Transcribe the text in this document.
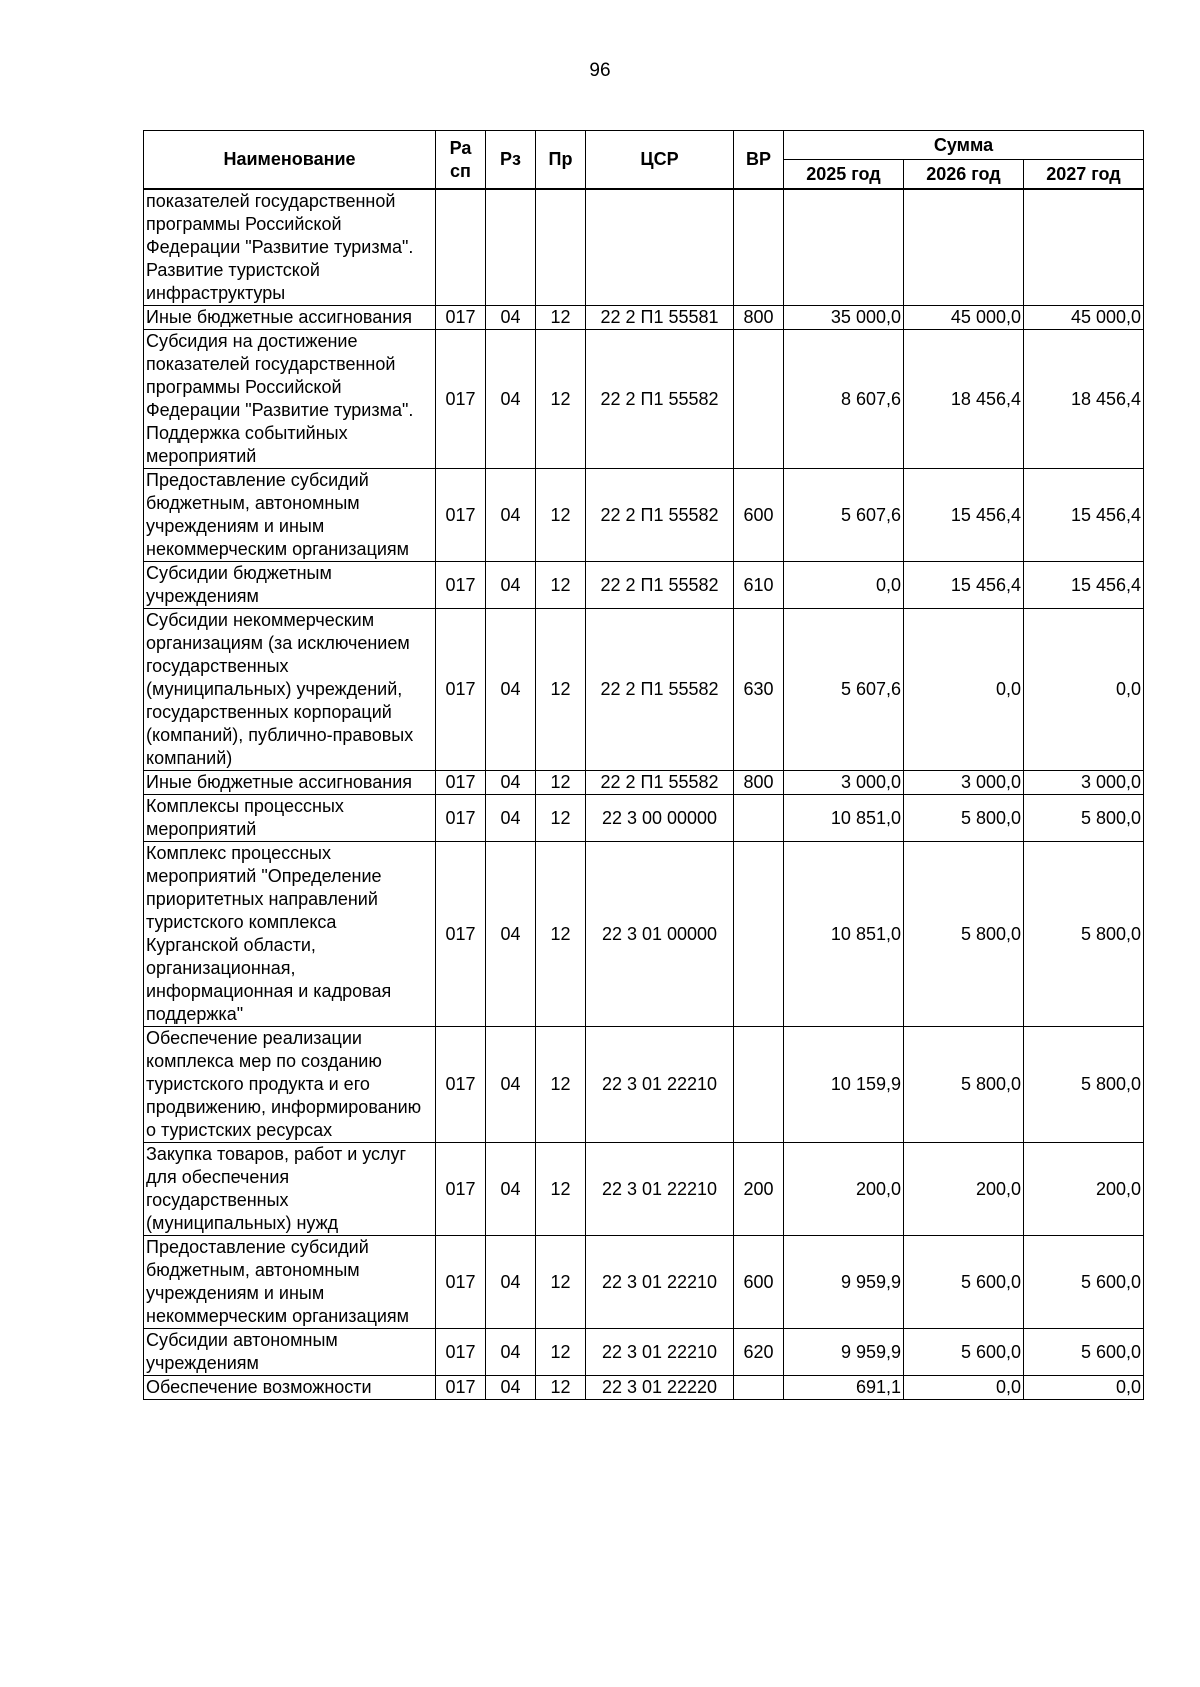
96
Наименование	Ра сп	Рз	Пр	ЦСР	ВР	Сумма		
						2025 год	2026 год	2027 год
показателей государственной программы Российской Федерации "Развитие туризма". Развитие туристской инфраструктуры								
Иные бюджетные ассигнования	017	04	12	22 2 П1 55581	800	35 000,0	45 000,0	45 000,0
Субсидия на достижение показателей государственной программы Российской Федерации "Развитие туризма". Поддержка событийных мероприятий	017	04	12	22 2 П1 55582		8 607,6	18 456,4	18 456,4
Предоставление субсидий бюджетным, автономным учреждениям и иным некоммерческим организациям	017	04	12	22 2 П1 55582	600	5 607,6	15 456,4	15 456,4
Субсидии бюджетным учреждениям	017	04	12	22 2 П1 55582	610	0,0	15 456,4	15 456,4
Субсидии некоммерческим организациям (за исключением государственных (муниципальных) учреждений, государственных корпораций (компаний), публично-правовых компаний)	017	04	12	22 2 П1 55582	630	5 607,6	0,0	0,0
Иные бюджетные ассигнования	017	04	12	22 2 П1 55582	800	3 000,0	3 000,0	3 000,0
Комплексы процессных мероприятий	017	04	12	22 3 00 00000		10 851,0	5 800,0	5 800,0
Комплекс процессных мероприятий "Определение приоритетных направлений туристского комплекса Курганской области, организационная, информационная и кадровая поддержка"	017	04	12	22 3 01 00000		10 851,0	5 800,0	5 800,0
Обеспечение реализации комплекса мер по созданию туристского продукта и его продвижению, информированию о туристских ресурсах	017	04	12	22 3 01 22210		10 159,9	5 800,0	5 800,0
Закупка товаров, работ и услуг для обеспечения государственных (муниципальных) нужд	017	04	12	22 3 01 22210	200	200,0	200,0	200,0
Предоставление субсидий бюджетным, автономным учреждениям и иным некоммерческим организациям	017	04	12	22 3 01 22210	600	9 959,9	5 600,0	5 600,0
Субсидии автономным учреждениям	017	04	12	22 3 01 22210	620	9 959,9	5 600,0	5 600,0
Обеспечение возможности	017	04	12	22 3 01 22220		691,1	0,0	0,0
